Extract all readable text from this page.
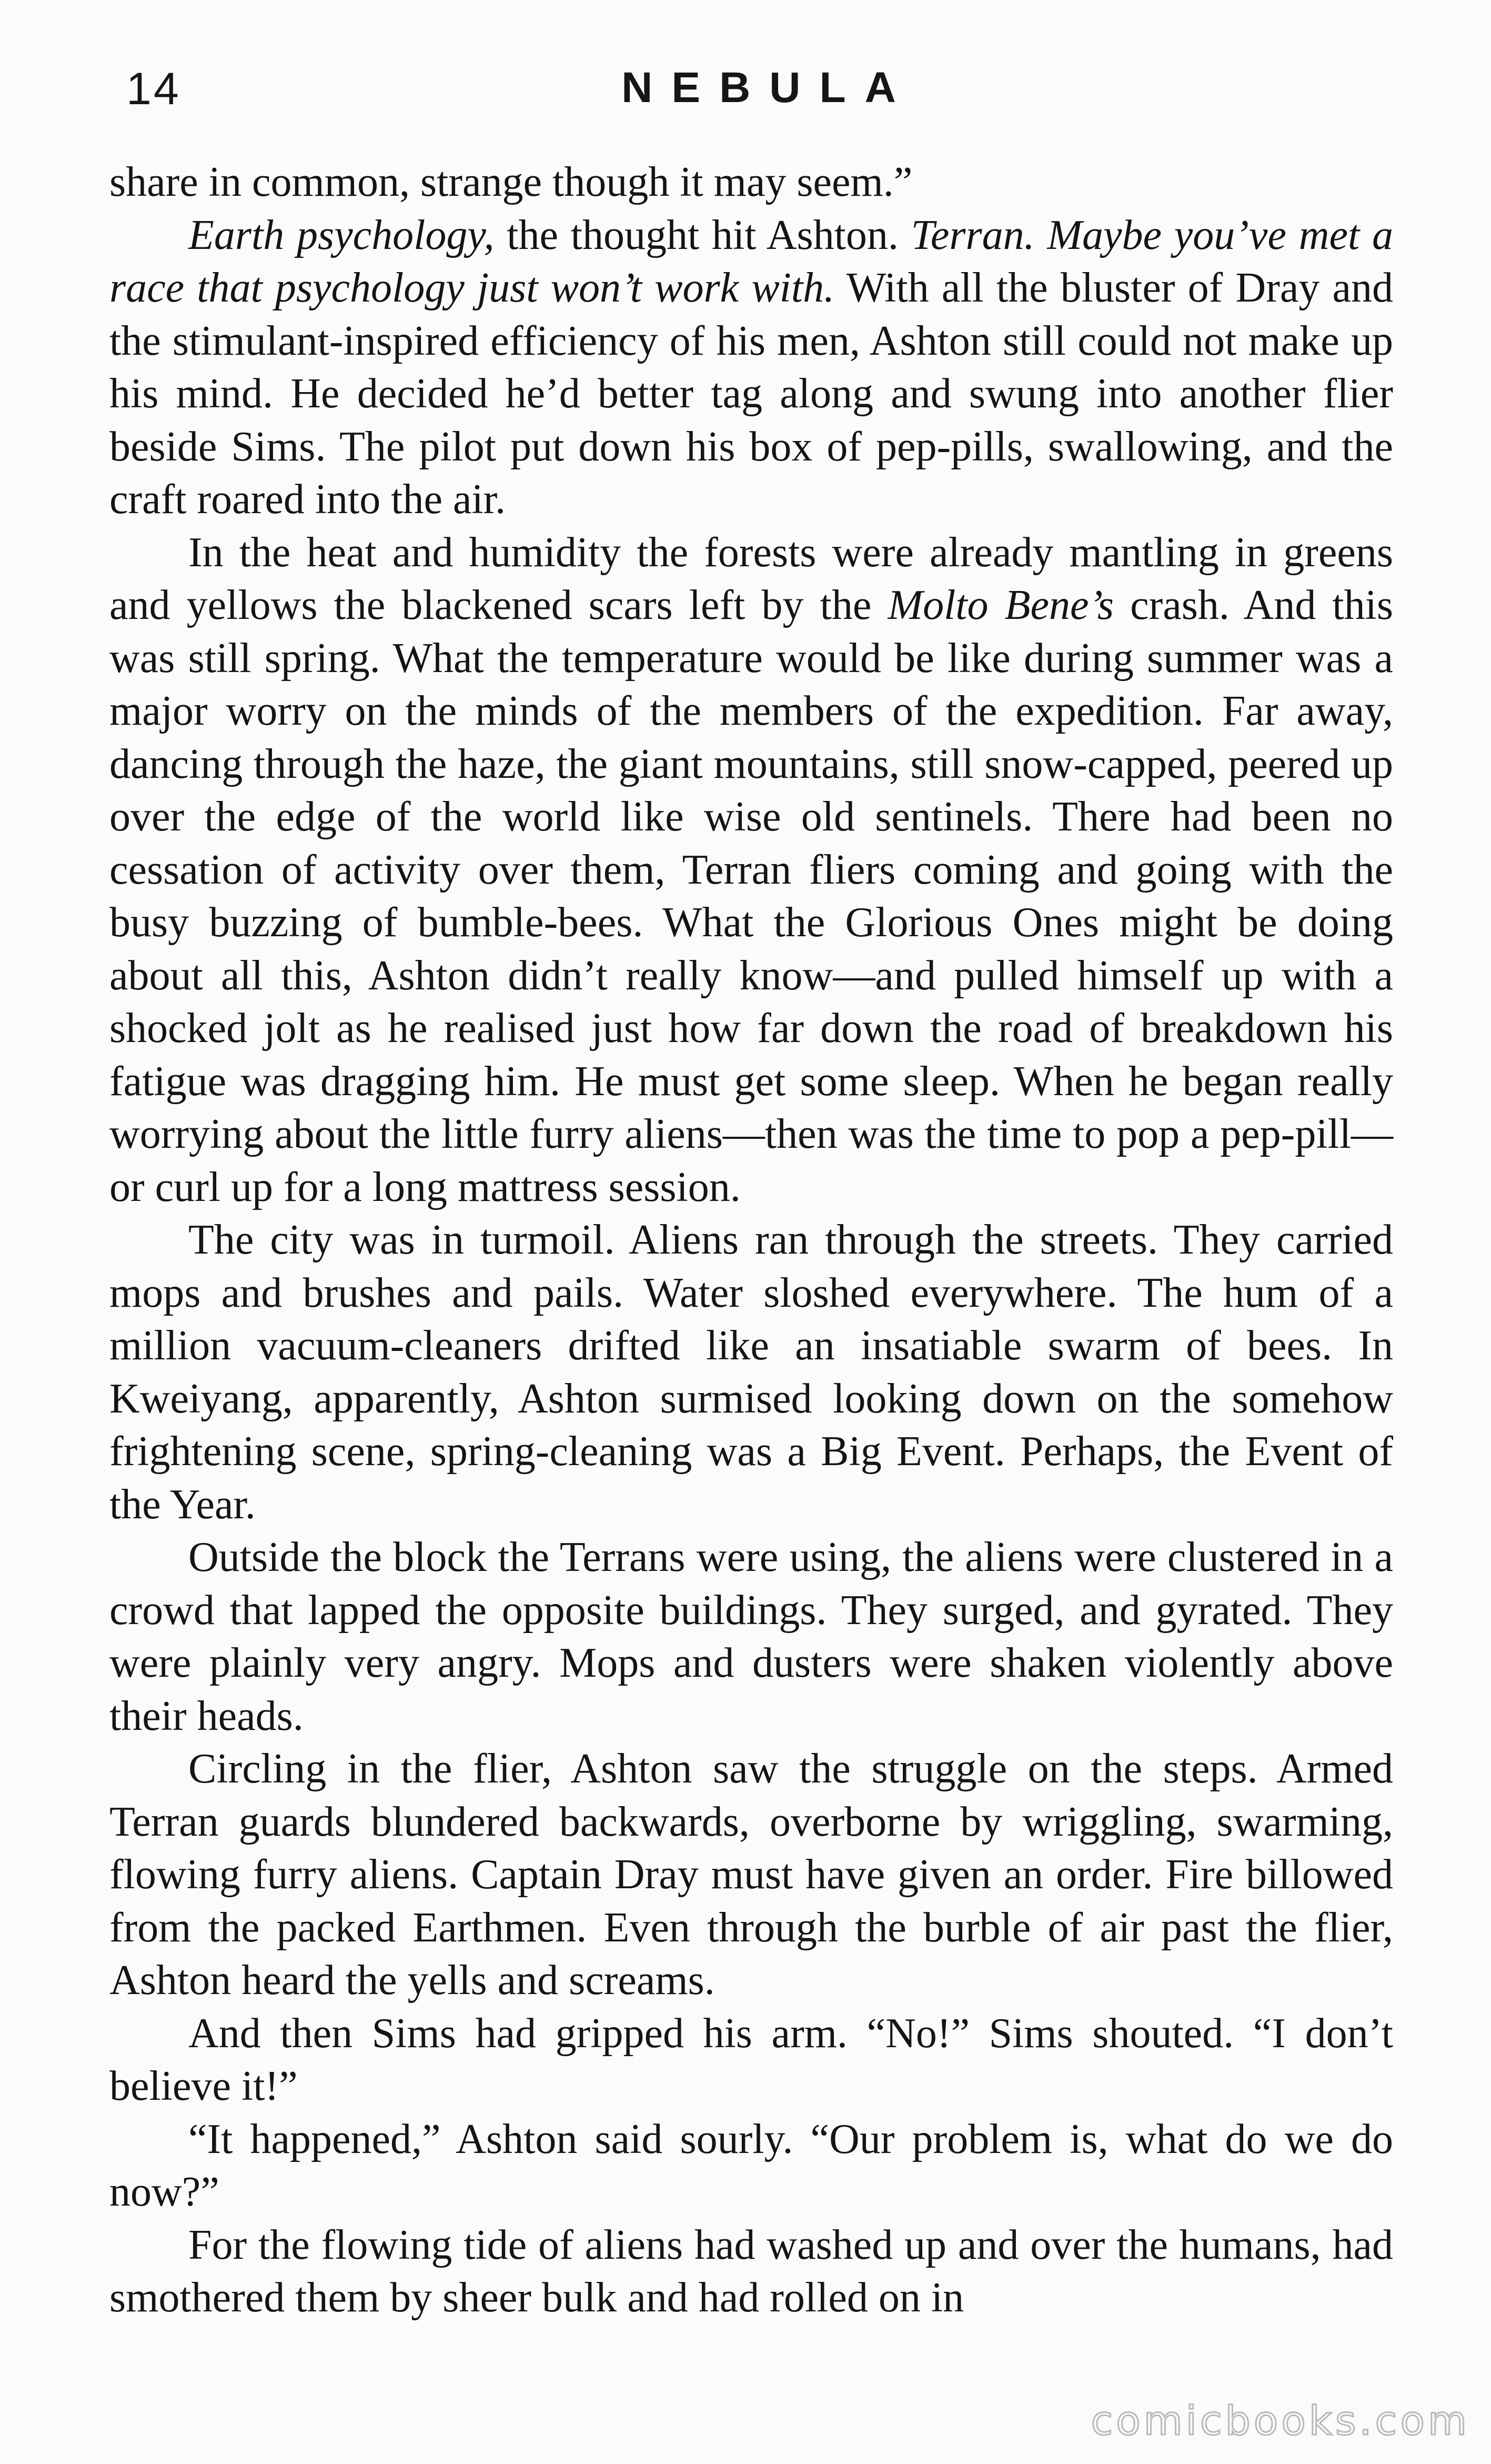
14	NEBULA

share in common, strange though it may seem.”

Earth psychology, the thought hit Ashton. Terran. Maybe you’ve met a race that psychology just won’t work with. With all the bluster of Dray and the stimulant-inspired efficiency of his men, Ashton still could not make up his mind. He decided he’d better tag along and swung into another flier beside Sims. The pilot put down his box of pep-pills, swallowing, and the craft roared into the air.

In the heat and humidity the forests were already mantling in greens and yellows the blackened scars left by the Molto Bene’s crash. And this was still spring. What the temperature would be like during summer was a major worry on the minds of the members of the expedition. Far away, dancing through the haze, the giant mountains, still snow-capped, peered up over the edge of the world like wise old sentinels. There had been no cessation of activity over them, Terran fliers coming and going with the busy buzzing of bumble-bees. What the Glorious Ones might be doing about all this, Ashton didn’t really know—and pulled himself up with a shocked jolt as he realised just how far down the road of breakdown his fatigue was dragging him. He must get some sleep. When he began really worrying about the little furry aliens—then was the time to pop a pep-pill—or curl up for a long mattress session.

The city was in turmoil. Aliens ran through the streets. They carried mops and brushes and pails. Water sloshed everywhere. The hum of a million vacuum-cleaners drifted like an insatiable swarm of bees. In Kweiyang, apparently, Ashton surmised looking down on the somehow frightening scene, spring-cleaning was a Big Event. Perhaps, the Event of the Year.

Outside the block the Terrans were using, the aliens were clustered in a crowd that lapped the opposite buildings. They surged, and gyrated. They were plainly very angry. Mops and dusters were shaken violently above their heads.

Circling in the flier, Ashton saw the struggle on the steps. Armed Terran guards blundered backwards, overborne by wriggling, swarming, flowing furry aliens. Captain Dray must have given an order. Fire billowed from the packed Earthmen. Even through the burble of air past the flier, Ashton heard the yells and screams.

And then Sims had gripped his arm. “No!” Sims shouted. “I don’t believe it!”

“It happened,” Ashton said sourly. “Our problem is, what do we do now?”

For the flowing tide of aliens had washed up and over the humans, had smothered them by sheer bulk and had rolled on in

comicbooks.com
